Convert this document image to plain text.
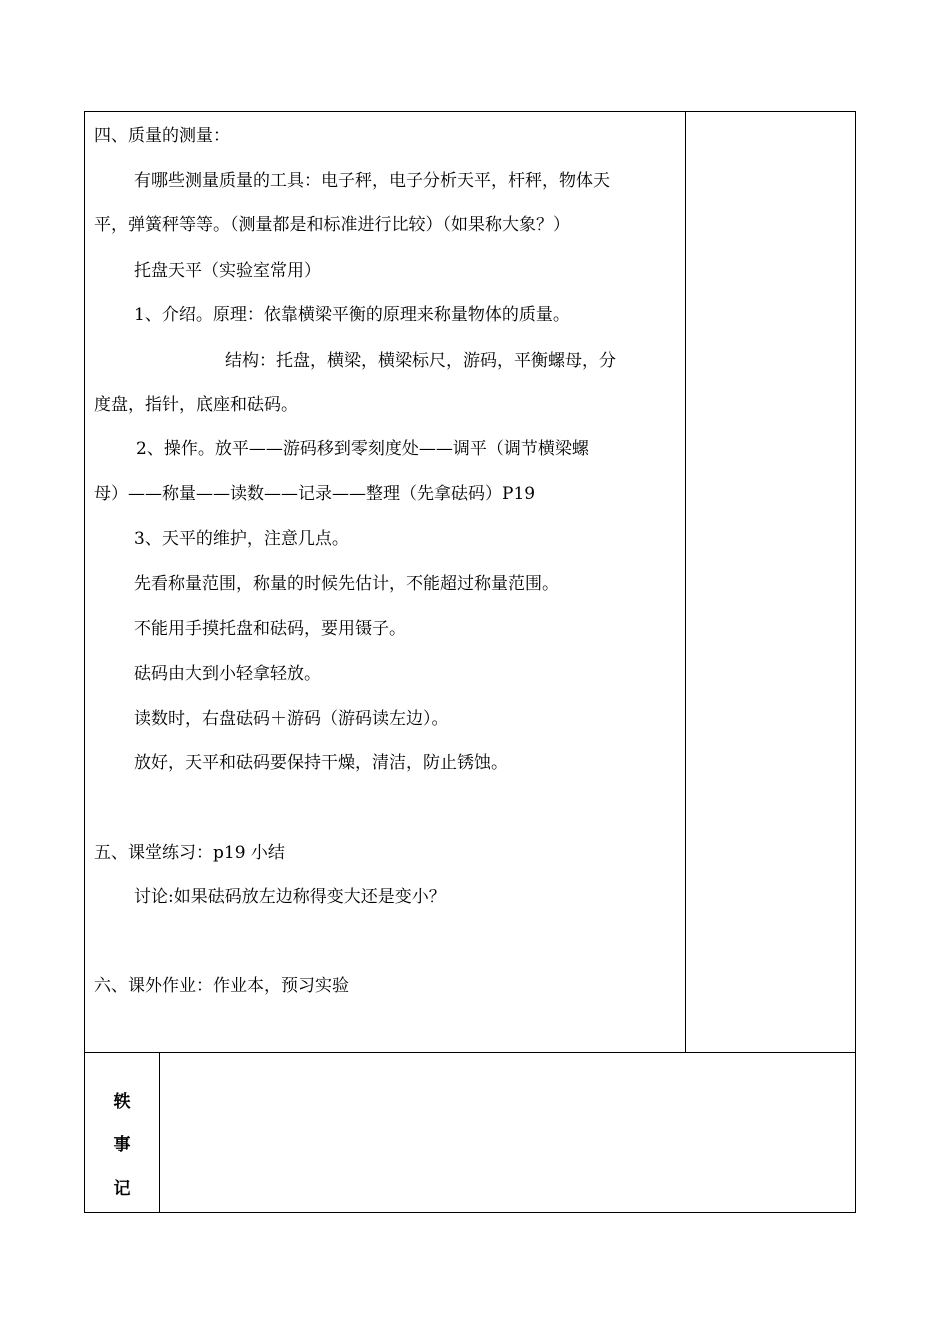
四、质量的测量：
有哪些测量质量的工具：电子秤，电子分析天平，杆秤，物体天
平，弹簧秤等等。（测量都是和标准进行比较）（如果称大象？）
托盘天平（实验室常用）
1、介绍。原理：依靠横梁平衡的原理来称量物体的质量。
结构：托盘，横梁，横梁标尺，游码，平衡螺母，分
度盘，指针，底座和砝码。
2、操作。放平——游码移到零刻度处——调平（调节横梁螺
母）——称量——读数——记录——整理（先拿砝码）P19
3、天平的维护，注意几点。
先看称量范围，称量的时候先估计，不能超过称量范围。
不能用手摸托盘和砝码，要用镊子。
砝码由大到小轻拿轻放。
读数时，右盘砝码＋游码（游码读左边）。
放好，天平和砝码要保持干燥，清洁，防止锈蚀。
五、课堂练习：p19 小结
讨论:如果砝码放左边称得变大还是变小？
六、课外作业：作业本，预习实验
轶
事
记
